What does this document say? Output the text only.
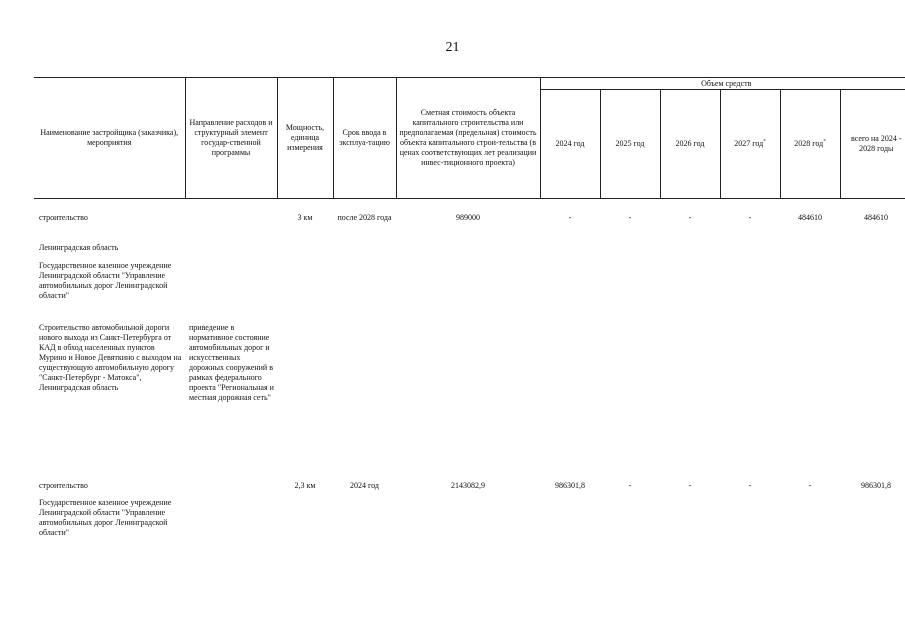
21
Наименование застройщика (заказчика), мероприятия	Направление расходов и структурный элемент государ-ственной программы	Мощность, единица измерения	Срок ввода в эксплуа-тацию	Сметная стоимость объекта капитального строительства или предполагаемая (предельная) стоимость объекта капитального строи-тельства (в ценах соответствующих лет реализации инвес-тиционного проекта)	Объем средств					
					2024 год	2025 год	2026 год	2027 год*	2028 год*	всего на 2024 - 2028 годы

строительство		3 км	после 2028 года	989000	-	-	-	-	484610	484610
Ленинградская область										
Государственное казенное учреждение Ленинградской области "Управление автомобильных дорог Ленинградской области"										
Строительство автомобильной дороги нового выхода из Санкт-Петербурга от КАД в обход населенных пунктов Мурино и Новое Девяткино с выходом на существующую автомобильную дорогу "Санкт-Петербург - Матокса", Ленинградская область	приведение в нормативное состояние автомобильных дорог и искусственных дорожных сооружений в рамках федерального проекта "Региональная и местная дорожная сеть"									
строительство		2,3 км	2024 год	2143082,9	986301,8	-	-	-	-	986301,8
Государственное казенное учреждение Ленинградской области "Управление автомобильных дорог Ленинградской области"										
